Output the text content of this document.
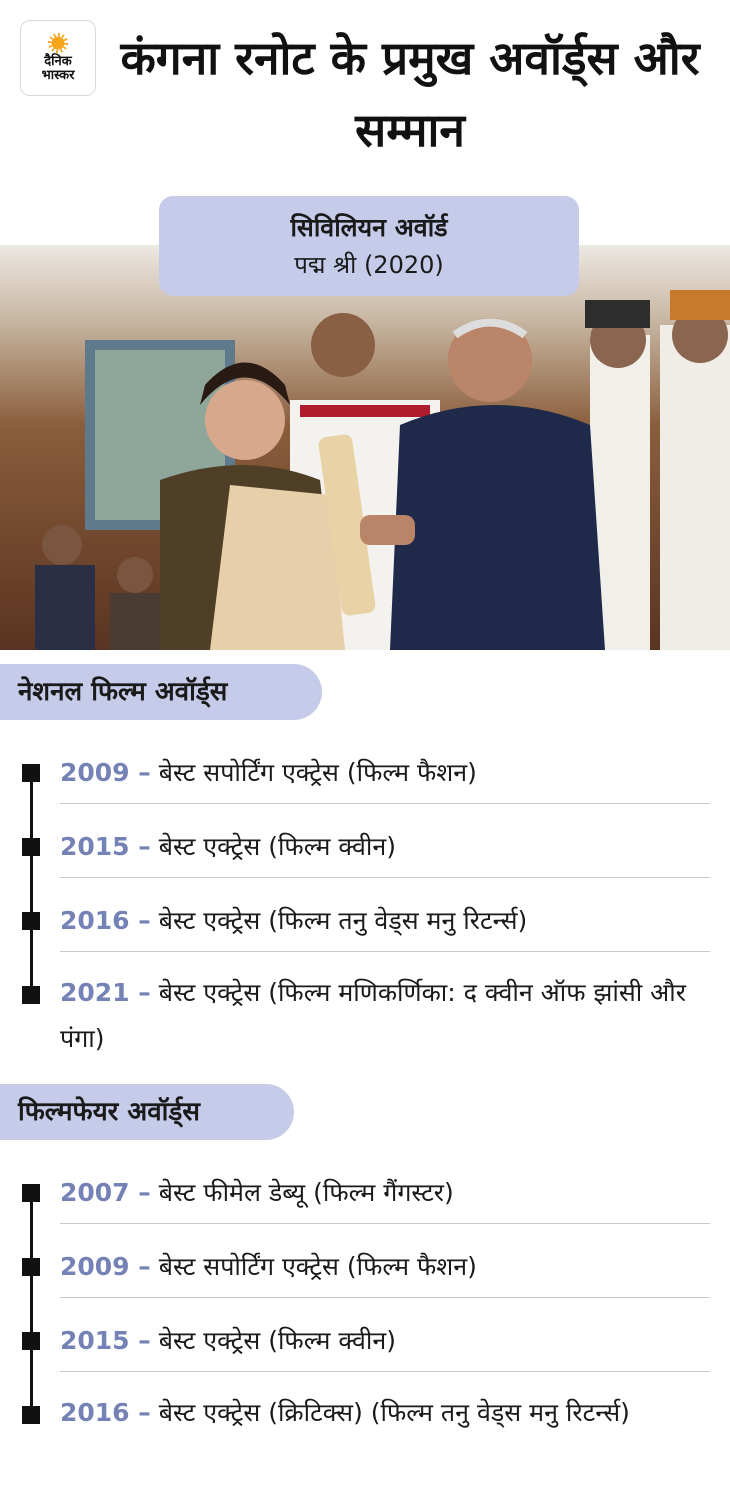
दैनिक
भास्कर कंगना रनोट के प्रमुख अवॉर्ड्स और सम्मान
सिविलियन अवॉर्ड
पद्म श्री (2020)
नेशनल फिल्म अवॉर्ड्स
2009 – बेस्ट सपोर्टिंग एक्ट्रेस (फिल्म फैशन)
2015 – बेस्ट एक्ट्रेस (फिल्म क्वीन)
2016 – बेस्ट एक्ट्रेस (फिल्म तनु वेड्स मनु रिटर्न्स)
2021 – बेस्ट एक्ट्रेस (फिल्म मणिकर्णिका: द क्वीन ऑफ झांसी और पंगा)
फिल्मफेयर अवॉर्ड्स
2007 – बेस्ट फीमेल डेब्यू (फिल्म गैंगस्टर)
2009 – बेस्ट सपोर्टिंग एक्ट्रेस (फिल्म फैशन)
2015 – बेस्ट एक्ट्रेस (फिल्म क्वीन)
2016 – बेस्ट एक्ट्रेस (क्रिटिक्स) (फिल्म तनु वेड्स मनु रिटर्न्स)
